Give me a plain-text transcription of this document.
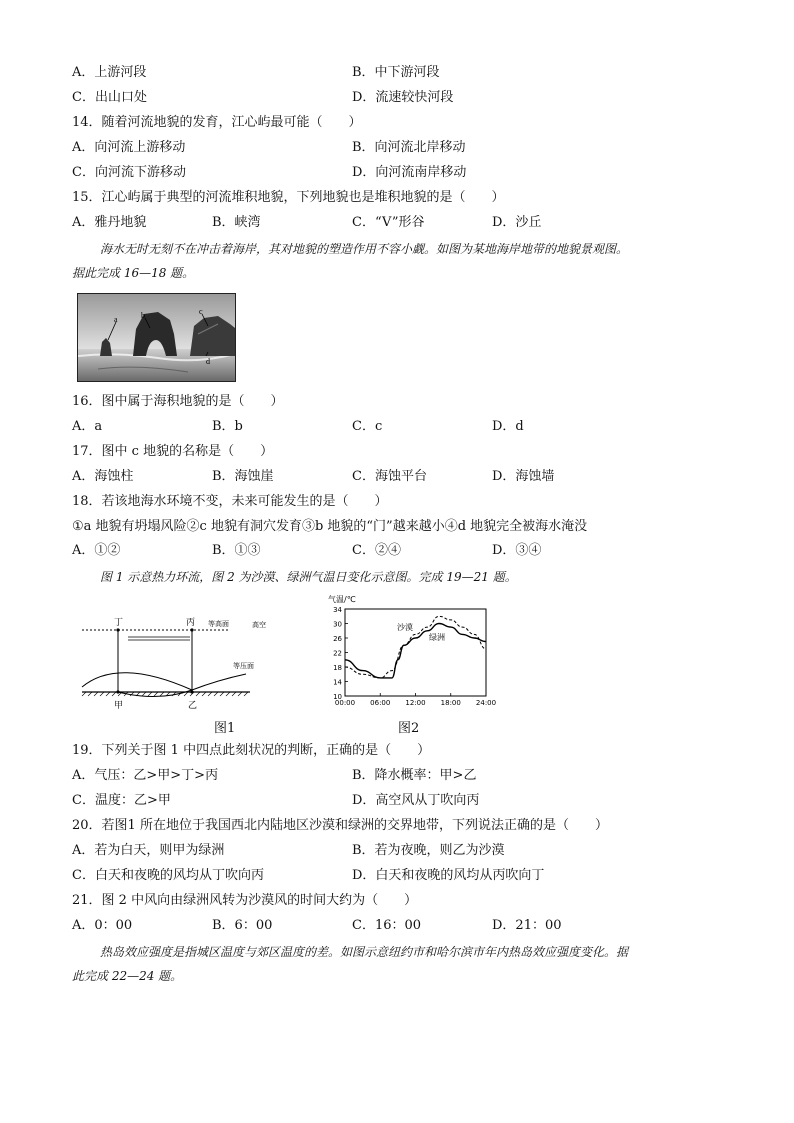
A．上游河段	B．中下游河段
C．出山口处	D．流速较快河段
14．随着河流地貌的发育，江心屿最可能（　　）
A．向河流上游移动	B．向河流北岸移动
C．向河流下游移动	D．向河流南岸移动
15．江心屿属于典型的河流堆积地貌，下列地貌也是堆积地貌的是（　　）
A．雅丹地貌	B．峡湾	C．“V”形谷	D．沙丘
海水无时无刻不在冲击着海岸，其对地貌的塑造作用不容小觑。如图为某地海岸地带的地貌景观图。
据此完成 16—18 题。
a	b	c
d
16．图中属于海积地貌的是（　　）
A．a	B．b	C．c	D．d
17．图中 c 地貌的名称是（　　）
A．海蚀柱	B．海蚀崖	C．海蚀平台	D．海蚀墙
18．若该地海水环境不变，未来可能发生的是（　　）
①a 地貌有坍塌风险②c 地貌有洞穴发育③b 地貌的“门”越来越小④d 地貌完全被海水淹没
A．①②	B．①③	C．②④	D．③④
图 1 示意热力环流，图 2 为沙漠、绿洲气温日变化示意图。完成 19—21 题。
等高面	高空
丁	丙
等压面
甲	乙
图1
气温/℃
34
30
26
22
18
14
10
00:00 06:00 12:00 18:00 24:00
沙漠
绿洲
图2
19．下列关于图 1 中四点此刻状况的判断，正确的是（　　）
A．气压：乙>甲>丁>丙	B．降水概率：甲>乙
C．温度：乙>甲	D．高空风从丁吹向丙
20．若图1 所在地位于我国西北内陆地区沙漠和绿洲的交界地带，下列说法正确的是（　　）
A．若为白天，则甲为绿洲	B．若为夜晚，则乙为沙漠
C．白天和夜晚的风均从丁吹向丙	D．白天和夜晚的风均从丙吹向丁
21．图 2 中风向由绿洲风转为沙漠风的时间大约为（　　）
A．0：00	B．6：00	C．16：00	D．21：00
热岛效应强度是指城区温度与郊区温度的差。如图示意纽约市和哈尔滨市年内热岛效应强度变化。据
此完成 22—24 题。
